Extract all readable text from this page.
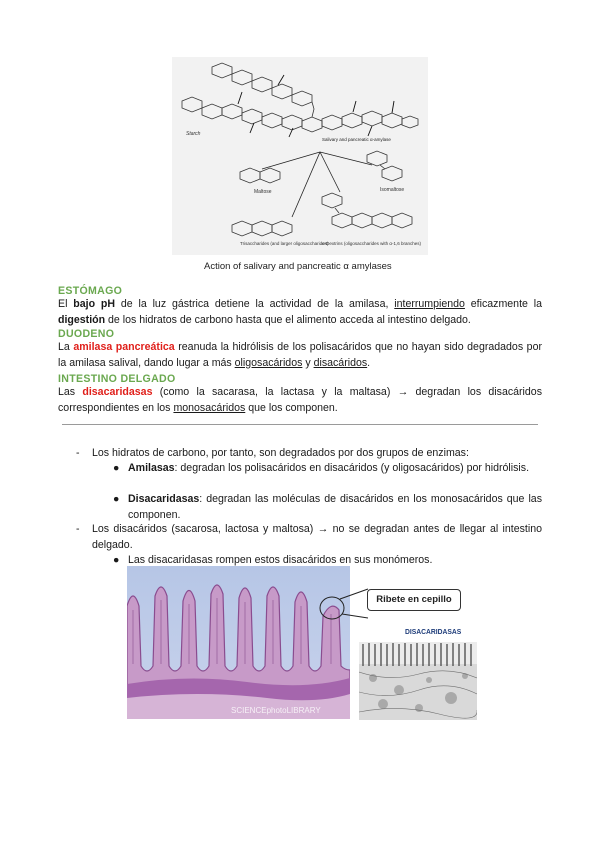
Starch
Salivary and pancreatic α-amylase
Maltose	Isomaltose
Trisaccharides (and larger oligosaccharides)
α-Dextrins (oligosaccharides with α-1,6 branches)
Action of salivary and pancreatic α amylases
ESTÓMAGO
El bajo pH de la luz gástrica detiene la actividad de la amilasa, interrumpiendo eficazmente la digestión de los hidratos de carbono hasta que el alimento acceda al intestino delgado.
DUODENO
La amilasa pancreática reanuda la hidrólisis de los polisacáridos que no hayan sido degradados por la amilasa salival, dando lugar a más oligosacáridos y disacáridos.
INTESTINO DELGADO
Las disacaridasas (como la sacarasa, la lactasa y la maltasa) → degradan los disacáridos correspondientes en los monosacáridos que los componen.
- Los hidratos de carbono, por tanto, son degradados por dos grupos de enzimas:
● Amilasas: degradan los polisacáridos en disacáridos (y oligosacáridos) por hidrólisis.
● Disacaridasas: degradan las moléculas de disacáridos en los monosacáridos que las componen.
- Los disacáridos (sacarosa, lactosa y maltosa) → no se degradan antes de llegar al intestino delgado.
● Las disacaridasas rompen estos disacáridos en sus monómeros.
SCIENCEphotoLIBRARY
Ribete en cepillo
DISACARIDASAS
